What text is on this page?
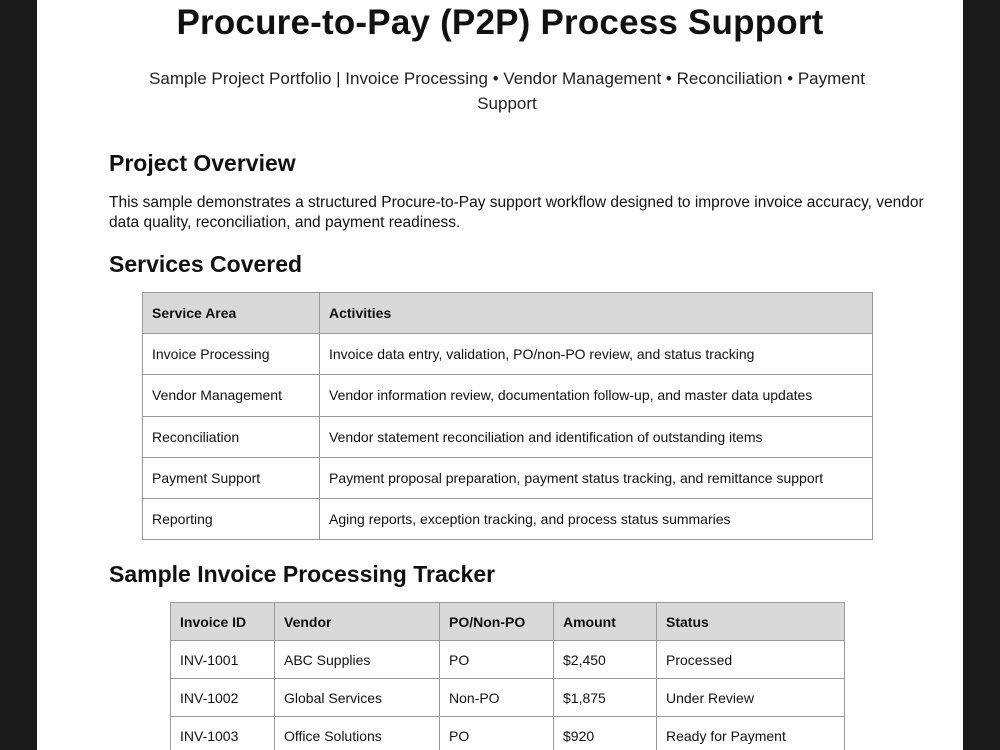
Procure-to-Pay (P2P) Process Support
Sample Project Portfolio | Invoice Processing • Vendor Management • Reconciliation • Payment Support
Project Overview
This sample demonstrates a structured Procure-to-Pay support workflow designed to improve invoice accuracy, vendor data quality, reconciliation, and payment readiness.
Services Covered
Service Area	Activities
Invoice Processing	Invoice data entry, validation, PO/non-PO review, and status tracking
Vendor Management	Vendor information review, documentation follow-up, and master data updates
Reconciliation	Vendor statement reconciliation and identification of outstanding items
Payment Support	Payment proposal preparation, payment status tracking, and remittance support
Reporting	Aging reports, exception tracking, and process status summaries
Sample Invoice Processing Tracker
Invoice ID	Vendor	PO/Non-PO	Amount	Status
INV-1001	ABC Supplies	PO	$2,450	Processed
INV-1002	Global Services	Non-PO	$1,875	Under Review
INV-1003	Office Solutions	PO	$920	Ready for Payment
